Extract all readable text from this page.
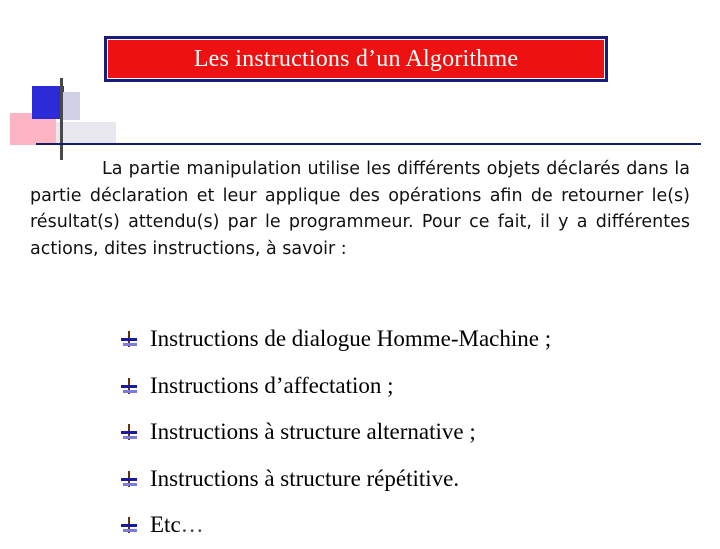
Les instructions d’un Algorithme
La partie manipulation utilise les différents objets déclarés dans la partie déclaration et leur applique des opérations afin de retourner le(s) résultat(s) attendu(s) par le programmeur. Pour ce fait, il y a différentes actions, dites instructions, à savoir :
Instructions de dialogue Homme-Machine ;
Instructions d’affectation ;
Instructions à structure alternative ;
Instructions à structure répétitive.
Etc …
